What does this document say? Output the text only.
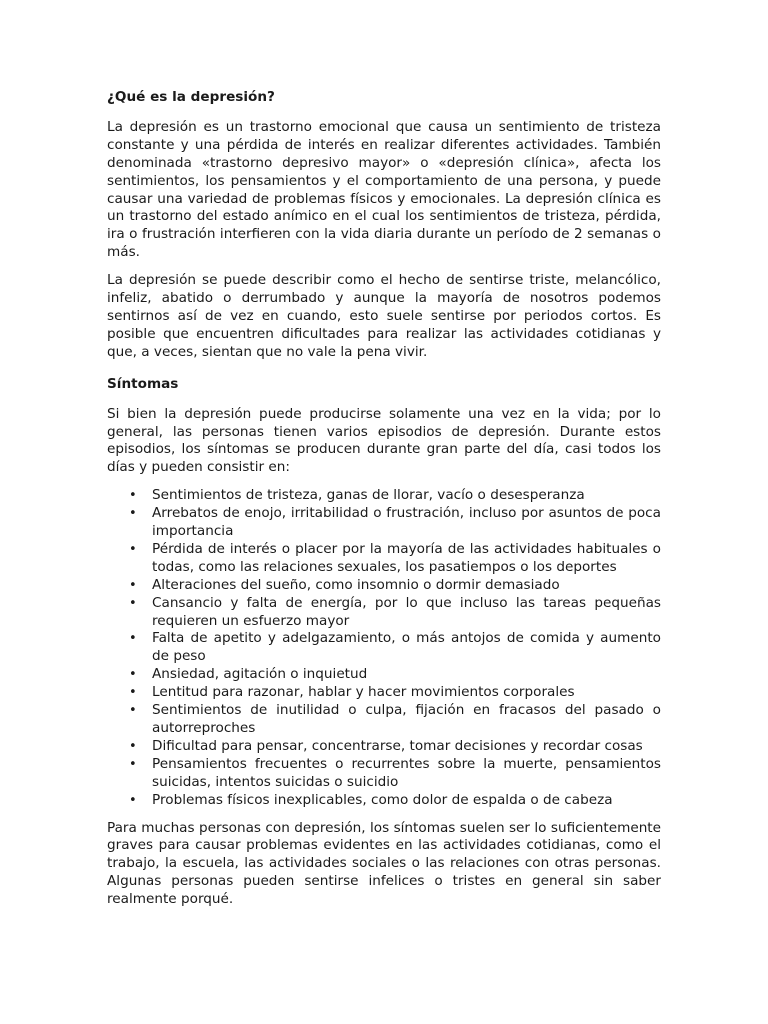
¿Qué es la depresión?

La depresión es un trastorno emocional que causa un sentimiento de tristeza constante y una pérdida de interés en realizar diferentes actividades. También denominada «trastorno depresivo mayor» o «depresión clínica», afecta los sentimientos, los pensamientos y el comportamiento de una persona, y puede causar una variedad de problemas físicos y emocionales. La depresión clínica es un trastorno del estado anímico en el cual los sentimientos de tristeza, pérdida, ira o frustración interfieren con la vida diaria durante un período de 2 semanas o más.

La depresión se puede describir como el hecho de sentirse triste, melancólico, infeliz, abatido o derrumbado y aunque la mayoría de nosotros podemos sentirnos así de vez en cuando, esto suele sentirse por periodos cortos. Es posible que encuentren dificultades para realizar las actividades cotidianas y que, a veces, sientan que no vale la pena vivir.

Síntomas

Si bien la depresión puede producirse solamente una vez en la vida; por lo general, las personas tienen varios episodios de depresión. Durante estos episodios, los síntomas se producen durante gran parte del día, casi todos los días y pueden consistir en:

• Sentimientos de tristeza, ganas de llorar, vacío o desesperanza
• Arrebatos de enojo, irritabilidad o frustración, incluso por asuntos de poca importancia
• Pérdida de interés o placer por la mayoría de las actividades habituales o todas, como las relaciones sexuales, los pasatiempos o los deportes
• Alteraciones del sueño, como insomnio o dormir demasiado
• Cansancio y falta de energía, por lo que incluso las tareas pequeñas requieren un esfuerzo mayor
• Falta de apetito y adelgazamiento, o más antojos de comida y aumento de peso
• Ansiedad, agitación o inquietud
• Lentitud para razonar, hablar y hacer movimientos corporales
• Sentimientos de inutilidad o culpa, fijación en fracasos del pasado o autorreproches
• Dificultad para pensar, concentrarse, tomar decisiones y recordar cosas
• Pensamientos frecuentes o recurrentes sobre la muerte, pensamientos suicidas, intentos suicidas o suicidio
• Problemas físicos inexplicables, como dolor de espalda o de cabeza

Para muchas personas con depresión, los síntomas suelen ser lo suficientemente graves para causar problemas evidentes en las actividades cotidianas, como el trabajo, la escuela, las actividades sociales o las relaciones con otras personas. Algunas personas pueden sentirse infelices o tristes en general sin saber realmente porqué.
